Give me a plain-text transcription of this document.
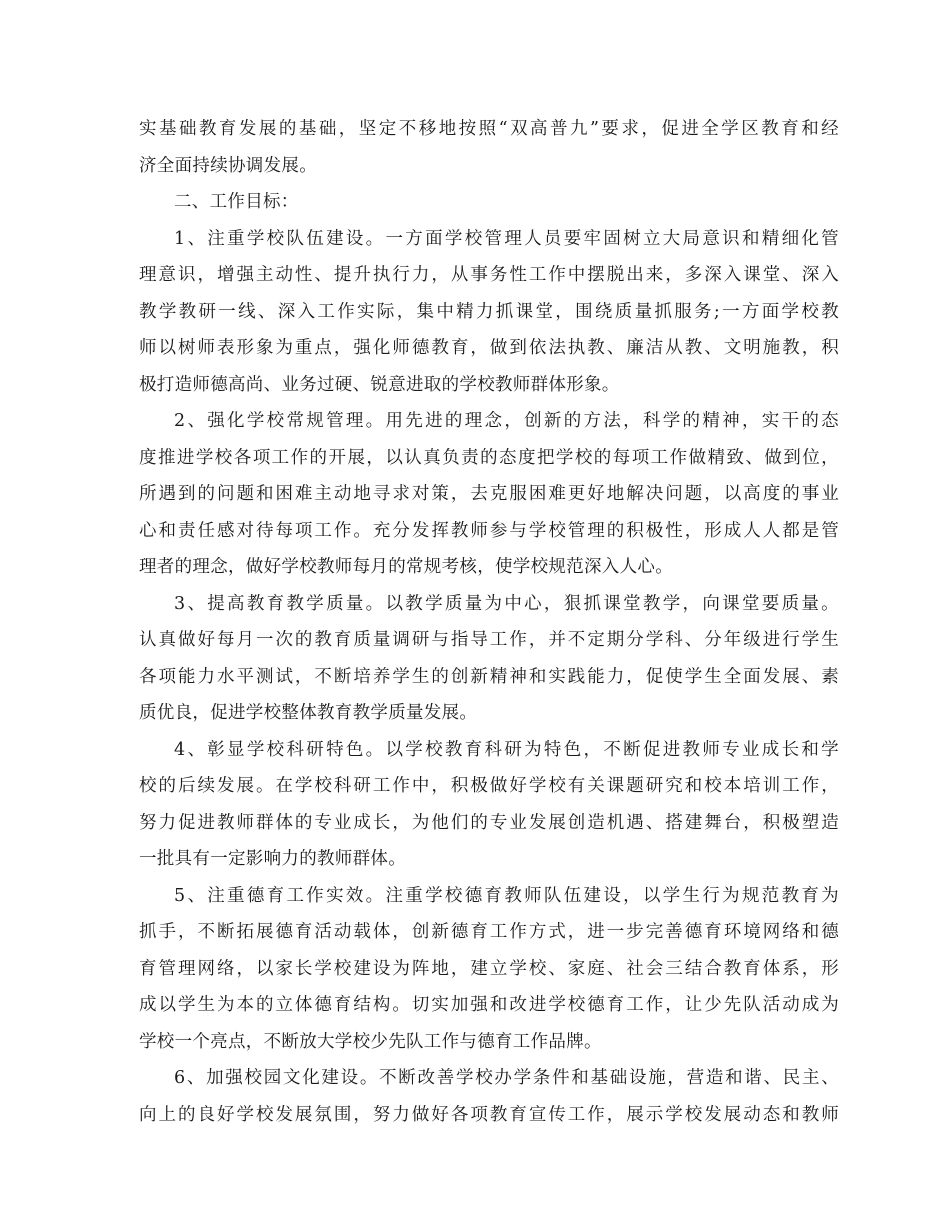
实基础教育发展的基础，坚定不移地按照“双高普九”要求，促进全学区教育和经
济全面持续协调发展。
二、工作目标：
1、注重学校队伍建设。一方面学校管理人员要牢固树立大局意识和精细化管
理意识，增强主动性、提升执行力，从事务性工作中摆脱出来，多深入课堂、深入
教学教研一线、深入工作实际，集中精力抓课堂，围绕质量抓服务;一方面学校教
师以树师表形象为重点，强化师德教育，做到依法执教、廉洁从教、文明施教，积
极打造师德高尚、业务过硬、锐意进取的学校教师群体形象。
2、强化学校常规管理。用先进的理念，创新的方法，科学的精神，实干的态
度推进学校各项工作的开展，以认真负责的态度把学校的每项工作做精致、做到位，
所遇到的问题和困难主动地寻求对策，去克服困难更好地解决问题，以高度的事业
心和责任感对待每项工作。充分发挥教师参与学校管理的积极性，形成人人都是管
理者的理念，做好学校教师每月的常规考核，使学校规范深入人心。
3、提高教育教学质量。以教学质量为中心，狠抓课堂教学，向课堂要质量。
认真做好每月一次的教育质量调研与指导工作，并不定期分学科、分年级进行学生
各项能力水平测试，不断培养学生的创新精神和实践能力，促使学生全面发展、素
质优良，促进学校整体教育教学质量发展。
4、彰显学校科研特色。以学校教育科研为特色，不断促进教师专业成长和学
校的后续发展。在学校科研工作中，积极做好学校有关课题研究和校本培训工作，
努力促进教师群体的专业成长，为他们的专业发展创造机遇、搭建舞台，积极塑造
一批具有一定影响力的教师群体。
5、注重德育工作实效。注重学校德育教师队伍建设，以学生行为规范教育为
抓手，不断拓展德育活动载体，创新德育工作方式，进一步完善德育环境网络和德
育管理网络，以家长学校建设为阵地，建立学校、家庭、社会三结合教育体系，形
成以学生为本的立体德育结构。切实加强和改进学校德育工作，让少先队活动成为
学校一个亮点，不断放大学校少先队工作与德育工作品牌。
6、加强校园文化建设。不断改善学校办学条件和基础设施，营造和谐、民主、
向上的良好学校发展氛围，努力做好各项教育宣传工作，展示学校发展动态和教师
